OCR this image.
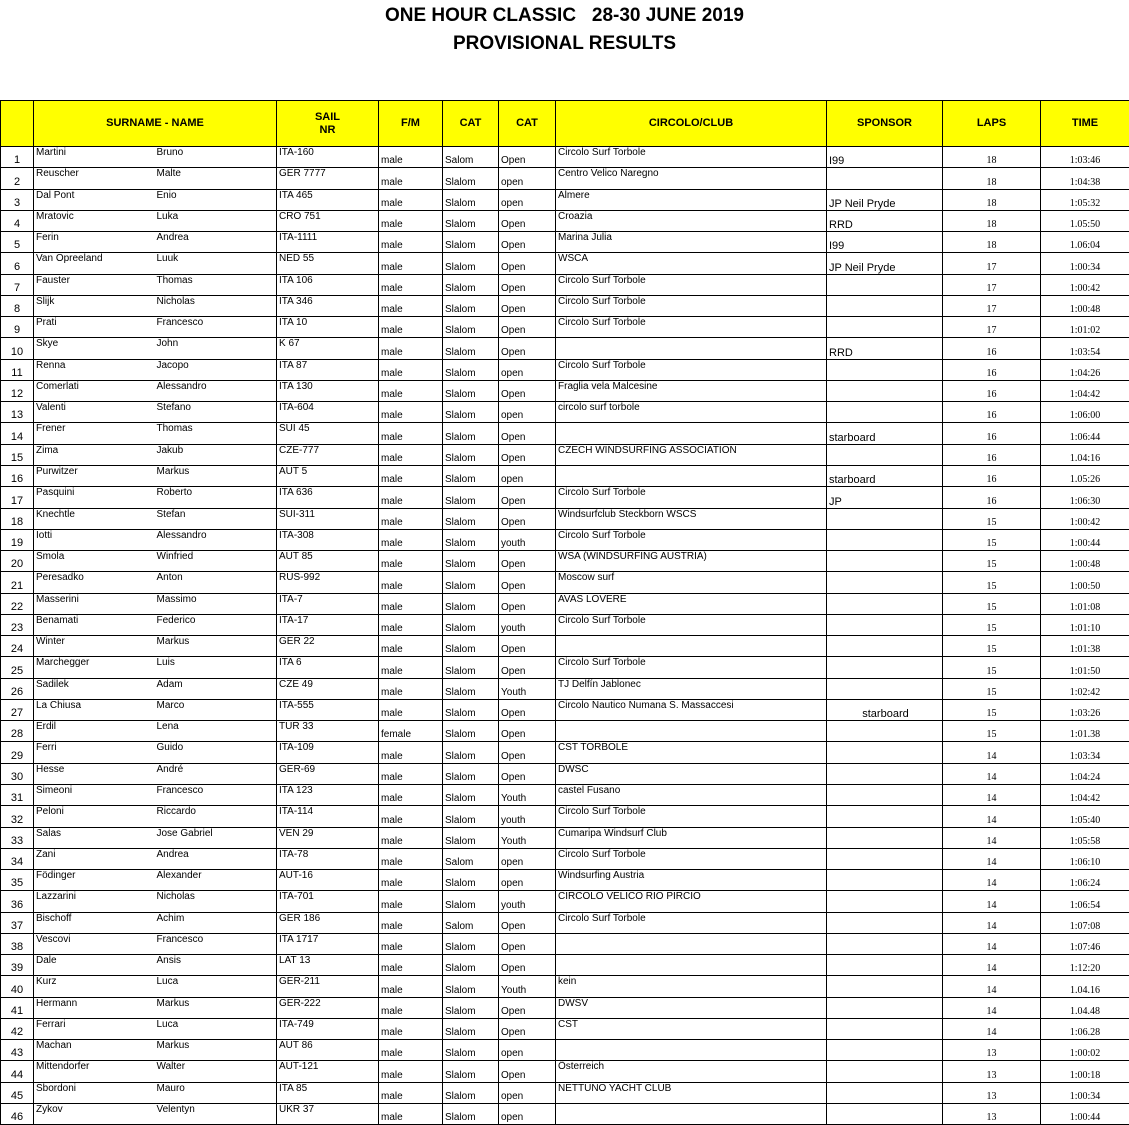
ONE HOUR CLASSIC   28-30 JUNE 2019
PROVISIONAL RESULTS
	SURNAME - NAME		SAIL
NR	F/M	CAT	CAT	CIRCOLO/CLUB	SPONSOR	LAPS	TIME
1	Martini	Bruno	ITA-160	male	Salom	Open	Circolo Surf Torbole	I99	18	1:03:46
2	Reuscher	Malte	GER 7777	male	Slalom	open	Centro Velico Naregno		18	1:04:38
3	Dal Pont	Enio	ITA 465	male	Slalom	open	Almere	JP Neil Pryde	18	1:05:32
4	Mratovic	Luka	CRO 751	male	Slalom	Open	Croazia	RRD	18	1.05:50
5	Ferin	Andrea	ITA-1111	male	Slalom	Open	Marina Julia	I99	18	1.06:04
6	Van Opreeland	Luuk	NED 55	male	Slalom	Open	WSCA	JP Neil Pryde	17	1:00:34
7	Fauster	Thomas	ITA 106	male	Slalom	Open	Circolo Surf Torbole		17	1:00:42
8	Slijk	Nicholas	ITA 346	male	Slalom	Open	Circolo Surf Torbole		17	1:00:48
9	Prati	Francesco	ITA 10	male	Slalom	Open	Circolo Surf Torbole		17	1:01:02
10	Skye	John	K 67	male	Slalom	Open		RRD	16	1:03:54
11	Renna	Jacopo	ITA 87	male	Slalom	open	Circolo Surf Torbole		16	1:04:26
12	Comerlati	Alessandro	ITA 130	male	Slalom	Open	Fraglia vela Malcesine		16	1:04:42
13	Valenti	Stefano	ITA-604	male	Slalom	open	circolo surf torbole		16	1:06:00
14	Frener	Thomas	SUI 45	male	Slalom	Open		starboard	16	1:06:44
15	Zima	Jakub	CZE-777	male	Slalom	Open	CZECH WINDSURFING ASSOCIATION		16	1.04:16
16	Purwitzer	Markus	AUT 5	male	Slalom	open		starboard	16	1.05:26
17	Pasquini	Roberto	ITA 636	male	Slalom	Open	Circolo Surf Torbole	JP	16	1:06:30
18	Knechtle	Stefan	SUI-311	male	Slalom	Open	Windsurfclub Steckborn WSCS		15	1:00:42
19	Iotti	Alessandro	ITA-308	male	Slalom	youth	Circolo Surf Torbole		15	1:00:44
20	Smola	Winfried	AUT 85	male	Slalom	Open	WSA (WINDSURFING AUSTRIA)		15	1:00:48
21	Peresadko	Anton	RUS-992	male	Slalom	Open	Moscow surf		15	1:00:50
22	Masserini	Massimo	ITA-7	male	Slalom	Open	AVAS LOVERE		15	1:01:08
23	Benamati	Federico	ITA-17	male	Slalom	youth	Circolo Surf Torbole		15	1:01:10
24	Winter	Markus	GER 22	male	Slalom	Open			15	1:01:38
25	Marchegger	Luis	ITA 6	male	Slalom	Open	Circolo Surf Torbole		15	1:01:50
26	Sadilek	Adam	CZE 49	male	Slalom	Youth	TJ Delfín Jablonec		15	1:02:42
27	La Chiusa	Marco	ITA-555	male	Slalom	Open	Circolo Nautico Numana S. Massaccesi	starboard	15	1:03:26
28	Erdil	Lena	TUR 33	female	Slalom	Open			15	1:01.38
29	Ferri	Guido	ITA-109	male	Slalom	Open	CST TORBOLE		14	1:03:34
30	Hesse	André	GER-69	male	Slalom	Open	DWSC		14	1:04:24
31	Simeoni	Francesco	ITA 123	male	Slalom	Youth	castel Fusano		14	1:04:42
32	Peloni	Riccardo	ITA-114	male	Slalom	youth	Circolo Surf Torbole		14	1:05:40
33	Salas	Jose Gabriel	VEN 29	male	Slalom	Youth	Cumaripa Windsurf Club		14	1:05:58
34	Zani	Andrea	ITA-78	male	Salom	open	Circolo Surf Torbole		14	1:06:10
35	Födinger	Alexander	AUT-16	male	Slalom	open	Windsurfing Austria		14	1:06:24
36	Lazzarini	Nicholas	ITA-701	male	Slalom	youth	CIRCOLO VELICO RIO PIRCIO		14	1:06:54
37	Bischoff	Achim	GER 186	male	Salom	Open	Circolo Surf Torbole		14	1:07:08
38	Vescovi	Francesco	ITA 1717	male	Slalom	Open			14	1:07:46
39	Dale	Ansis	LAT 13	male	Slalom	Open			14	1:12:20
40	Kurz	Luca	GER-211	male	Slalom	Youth	kein		14	1.04.16
41	Hermann	Markus	GER-222	male	Slalom	Open	DWSV		14	1.04.48
42	Ferrari	Luca	ITA-749	male	Slalom	Open	CST		14	1:06.28
43	Machan	Markus	AUT 86	male	Slalom	open			13	1:00:02
44	Mittendorfer	Walter	AUT-121	male	Slalom	Open	Österreich		13	1:00:18
45	Sbordoni	Mauro	ITA 85	male	Slalom	open	NETTUNO YACHT CLUB		13	1:00:34
46	Zykov	Velentyn	UKR 37	male	Slalom	open			13	1:00:44
